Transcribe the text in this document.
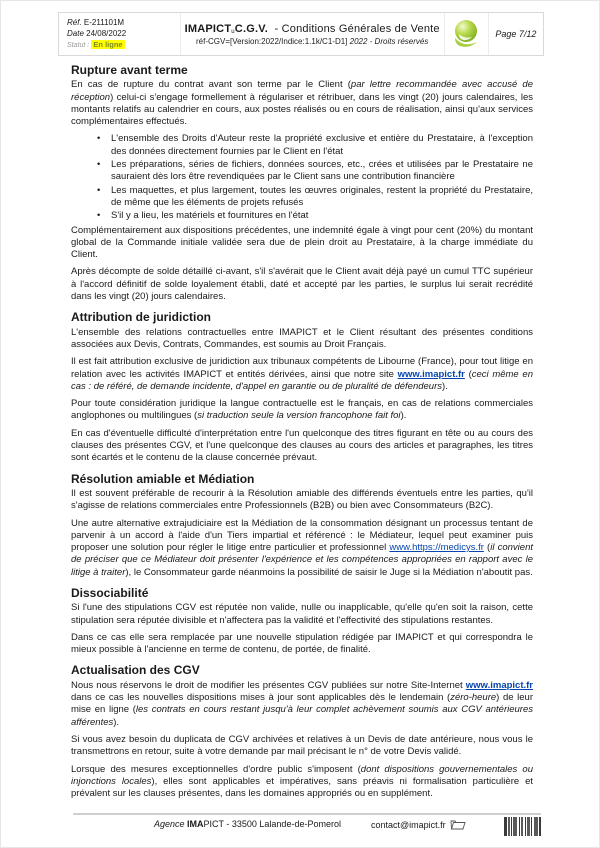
Réf. E-211101M
Date 24/08/2022
Statut : En ligne
IMAPICTuC.G.V. - Conditions Générales de Vente
réf-CGV=[Version:2022/Indice:1.1k/C1-D1] 2022 - Droits réservés
Page 7/12
Rupture avant terme

En cas de rupture du contrat avant son terme par le Client (par lettre recommandée avec accusé de réception) celui-ci s'engage formellement à régulariser et rétribuer, dans les vingt (20) jours calendaires, les montants relatifs au calendrier en cours, aux postes réalisés ou en cours de réalisation, ainsi qu'aux services complémentaires effectués.

•	L'ensemble des Droits d'Auteur reste la propriété exclusive et entière du Prestataire, à l'exception des données directement fournies par le Client en l'état
•	Les préparations, séries de fichiers, données sources, etc., crées et utilisées par le Prestataire ne sauraient dès lors être revendiquées par le Client sans une contribution financière
•	Les maquettes, et plus largement, toutes les œuvres originales, restent la propriété du Prestataire, de même que les éléments de projets refusés
•	S'il y a lieu, les matériels et fournitures en l'état

Complémentairement aux dispositions précédentes, une indemnité égale à vingt pour cent (20%) du montant global de la Commande initiale validée sera due de plein droit au Prestataire, à la charge immédiate du Client.

Après décompte de solde détaillé ci-avant, s'il s'avérait que le Client avait déjà payé un cumul TTC supérieur à l'accord définitif de solde loyalement établi, daté et accepté par les parties, le surplus lui serait recrédité dans les vingt (20) jours calendaires.

Attribution de juridiction

L'ensemble des relations contractuelles entre IMAPICT et le Client résultant des présentes conditions associées aux Devis, Contrats, Commandes, est soumis au Droit Français.

Il est fait attribution exclusive de juridiction aux tribunaux compétents de Libourne (France), pour tout litige en relation avec les activités IMAPICT et entités dérivées, ainsi que notre site www.imapict.fr (ceci même en cas : de référé, de demande incidente, d'appel en garantie ou de pluralité de défendeurs).

Pour toute considération juridique la langue contractuelle est le français, en cas de relations commerciales anglophones ou multilingues (si traduction seule la version francophone fait foi).

En cas d'éventuelle difficulté d'interprétation entre l'un quelconque des titres figurant en tête ou au cours des clauses des présentes CGV, et l'une quelconque des clauses au cours des articles et paragraphes, les titres sont écartés et le contenu de la clause concernée prévaut.

Résolution amiable et Médiation

Il est souvent préférable de recourir à la Résolution amiable des différends éventuels entre les parties, qu'il s'agisse de relations commerciales entre Professionnels (B2B) ou bien avec Consommateurs (B2C).

Une autre alternative extrajudiciaire est la Médiation de la consommation désignant un processus tentant de parvenir à un accord à l'aide d'un Tiers impartial et référencé : le Médiateur, lequel peut examiner puis proposer une solution pour régler le litige entre particulier et professionnel www.https://medicys.fr (il convient de préciser que ce Médiateur doit présenter l'expérience et les compétences appropriées en rapport avec le litige à traiter), le Consommateur garde néanmoins la possibilité de saisir le Juge si la Médiation n'aboutit pas.

Dissociabilité

Si l'une des stipulations CGV est réputée non valide, nulle ou inapplicable, qu'elle qu'en soit la raison, cette stipulation sera réputée divisible et n'affectera pas la validité et l'effectivité des stipulations restantes.

Dans ce cas elle sera remplacée par une nouvelle stipulation rédigée par IMAPICT et qui correspondra le mieux possible à l'ancienne en terme de contenu, de portée, de finalité.

Actualisation des CGV

Nous nous réservons le droit de modifier les présentes CGV publiées sur notre Site-Internet www.imapict.fr dans ce cas les nouvelles dispositions mises à jour sont applicables dès le lendemain (zéro-heure) de leur mise en ligne (les contrats en cours restant jusqu'à leur complet achèvement soumis aux CGV antérieures afférentes).

Si vous avez besoin du duplicata de CGV archivées et relatives à un Devis de date antérieure, nous vous le transmettrons en retour, suite à votre demande par mail précisant le n° de votre Devis validé.

Lorsque des mesures exceptionnelles d'ordre public s'imposent (dont dispositions gouvernementales ou injonctions locales), elles sont applicables et impératives, sans préavis ni formalisation particulière et prévalent sur les clauses présentes, dans les domaines appropriés ou en supplément.

Agence IMAPICT - 33500 Lalande-de-Pomerol	contact@imapict.fr
